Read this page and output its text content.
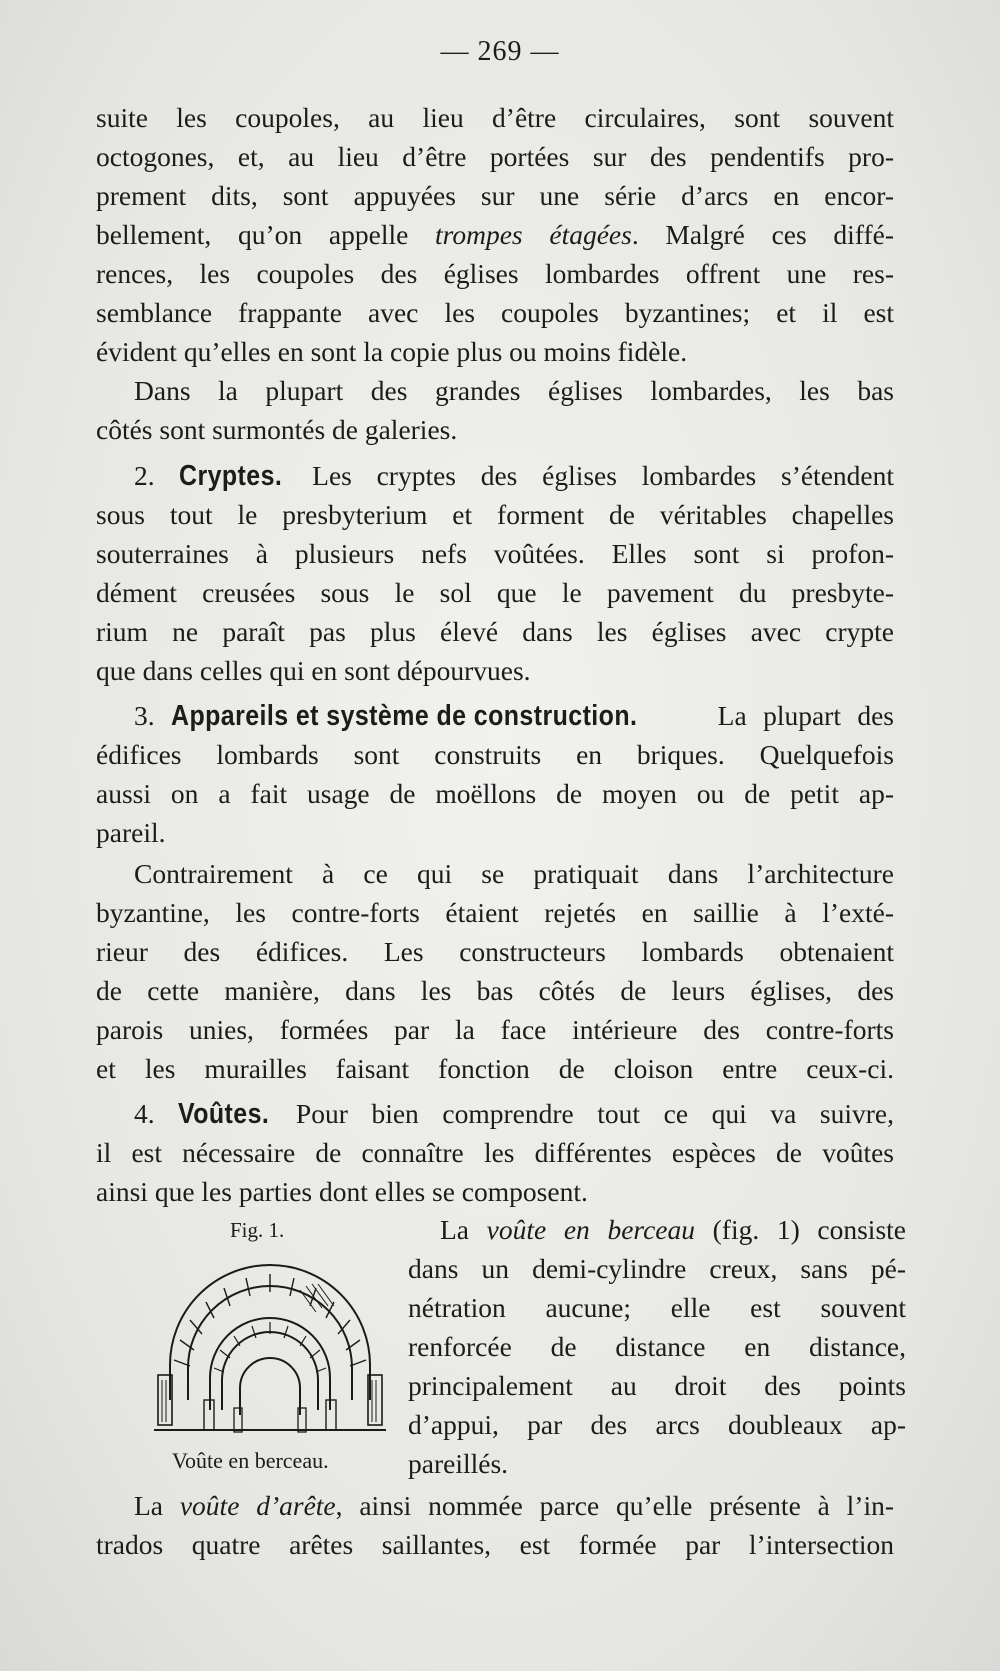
— 269 —
suite les coupoles, au lieu d’être circulaires, sont souvent
octogones, et, au lieu d’être portées sur des pendentifs pro-
prement dits, sont appuyées sur une série d’arcs en encor-
bellement, qu’on appelle trompes étagées. Malgré ces diffé-
rences, les coupoles des églises lombardes offrent une res-
semblance frappante avec les coupoles byzantines; et il est
évident qu’elles en sont la copie plus ou moins fidèle.
Dans la plupart des grandes églises lombardes, les bas
côtés sont surmontés de galeries.
2. Cryptes. Les cryptes des églises lombardes s’étendent
sous tout le presbyterium et forment de véritables chapelles
souterraines à plusieurs nefs voûtées. Elles sont si profon-
dément creusées sous le sol que le pavement du presbyte-
rium ne paraît pas plus élevé dans les églises avec crypte
que dans celles qui en sont dépourvues.
3. Appareils et système de construction. La plupart des
édifices lombards sont construits en briques. Quelquefois
aussi on a fait usage de moëllons de moyen ou de petit ap-
pareil.
Contrairement à ce qui se pratiquait dans l’architecture
byzantine, les contre-forts étaient rejetés en saillie à l’exté-
rieur des édifices. Les constructeurs lombards obtenaient
de cette manière, dans les bas côtés de leurs églises, des
parois unies, formées par la face intérieure des contre-forts
et les murailles faisant fonction de cloison entre ceux-ci.
4. Voûtes. Pour bien comprendre tout ce qui va suivre,
il est nécessaire de connaître les différentes espèces de voûtes
ainsi que les parties dont elles se composent.
Fig. 1.
Voûte en berceau.
La voûte en berceau (fig. 1) consiste
dans un demi-cylindre creux, sans pé-
nétration aucune; elle est souvent
renforcée de distance en distance,
principalement au droit des points
d’appui, par des arcs doubleaux ap-
pareillés.
La voûte d’arête, ainsi nommée parce qu’elle présente à l’in-
trados quatre arêtes saillantes, est formée par l’intersection
